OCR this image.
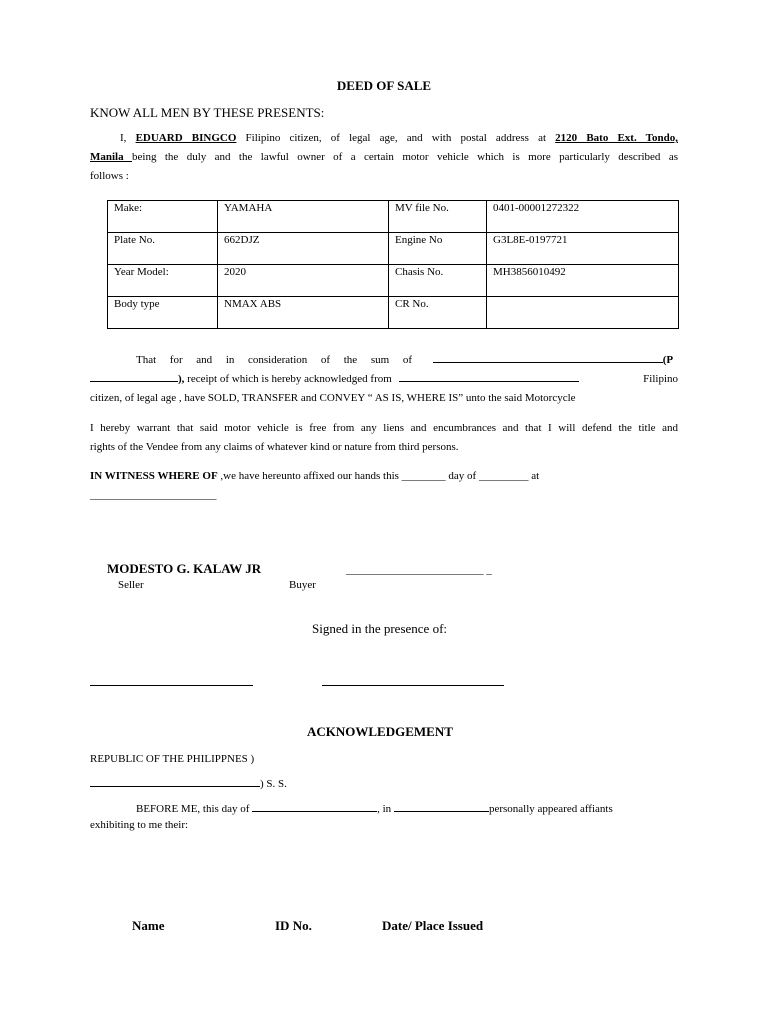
DEED OF SALE
KNOW ALL MEN BY THESE PRESENTS:
I, EDUARD BINGCO Filipino citizen, of legal age, and with postal address at 2120 Bato Ext. Tondo,
Manila being the duly and the lawful owner of a certain motor vehicle which is more particularly described as
follows :
Make:	YAMAHA	MV file No.	0401-00001272322
Plate No.	662DJZ	Engine No	G3L8E-0197721
Year Model:	2020	Chasis No.	MH3856010492
Body type	NMAX ABS	CR No.	
That for and in consideration of the sum of	(P
), receipt of which is hereby acknowledged from	Filipino
citizen, of legal age , have SOLD, TRANSFER and CONVEY “ AS IS, WHERE IS” unto the said Motorcycle
I hereby warrant that said motor vehicle is free from any liens and encumbrances and that I will defend the title and
rights of the Vendee from any claims of whatever kind or nature from third persons.
IN WITNESS WHERE OF ,we have hereunto affixed our hands this ________ day of _________ at
_______________________
MODESTO G. KALAW JR	_________________________ _
Seller	Buyer
Signed in the presence of:
ACKNOWLEDGEMENT
REPUBLIC OF THE PHILIPPNES )
) S. S.
BEFORE ME, this day of	, in	personally appeared affiants
exhibiting to me their:
Name	ID No.	Date/ Place Issued
